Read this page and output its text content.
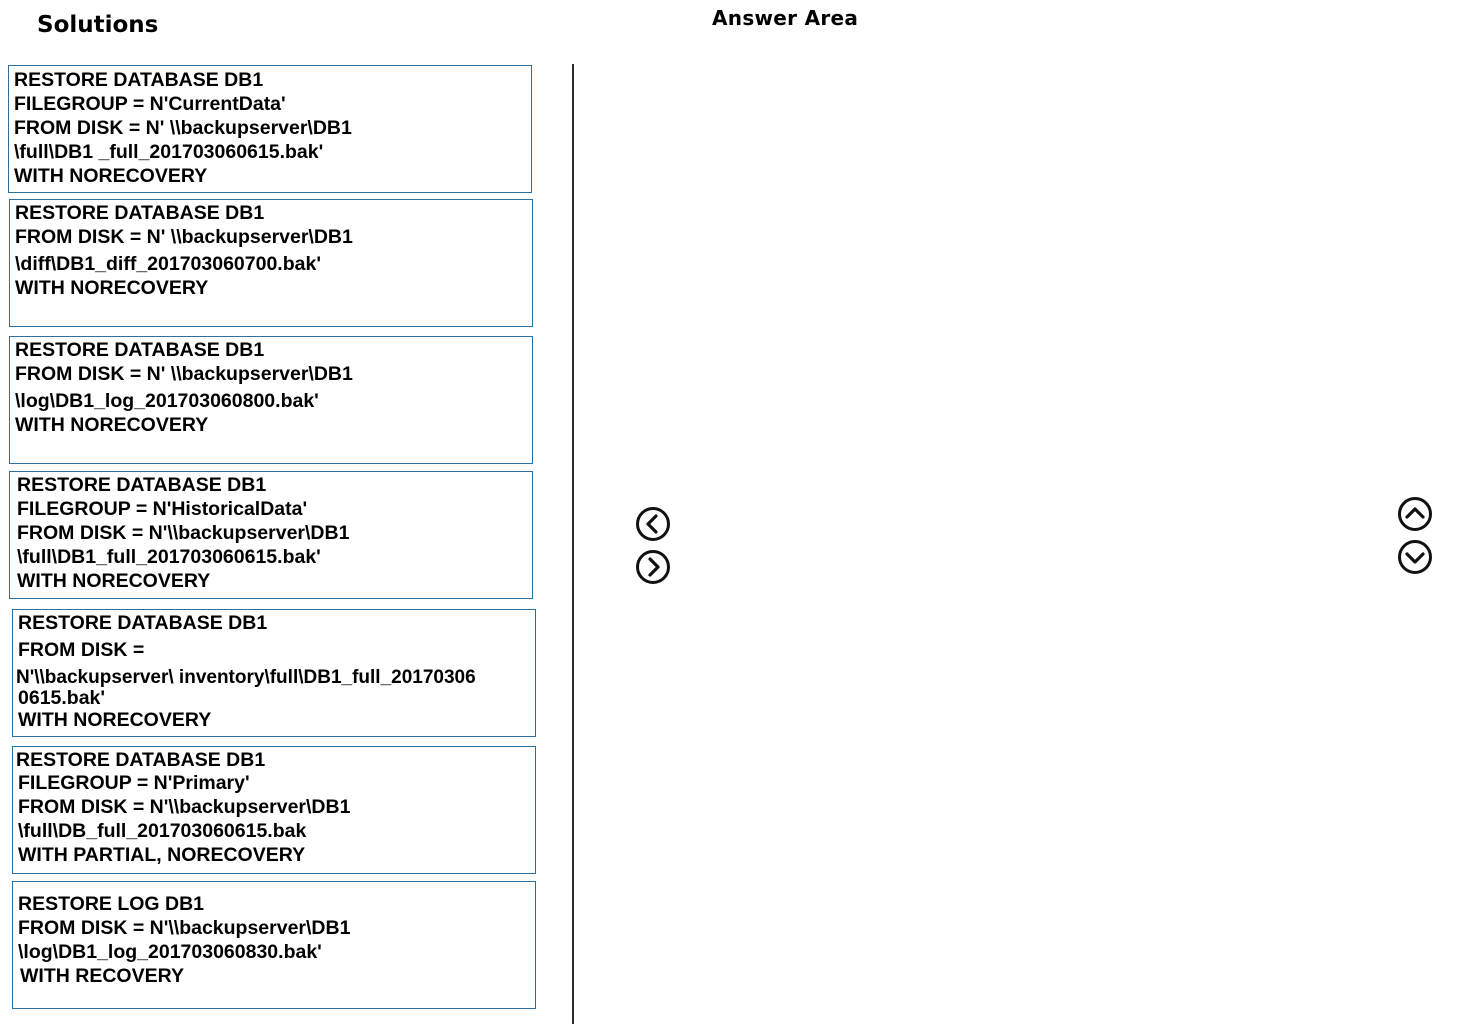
Solutions	Answer Area
RESTORE DATABASE DB1
FILEGROUP = N'CurrentData'
FROM DISK = N' \\backupserver\DB1
\full\DB1 _full_201703060615.bak'
WITH NORECOVERY
RESTORE DATABASE DB1
FROM DISK = N' \\backupserver\DB1
\diff\DB1_diff_201703060700.bak'
WITH NORECOVERY
RESTORE DATABASE DB1
FROM DISK = N' \\backupserver\DB1
\log\DB1_log_201703060800.bak'
WITH NORECOVERY
RESTORE DATABASE DB1
FILEGROUP = N'HistoricalData'
FROM DISK = N'\\backupserver\DB1
\full\DB1_full_201703060615.bak'
WITH NORECOVERY
RESTORE DATABASE DB1
FROM DISK =
N'\\backupserver\ inventory\full\DB1_full_20170306
0615.bak'
WITH NORECOVERY
RESTORE DATABASE DB1
FILEGROUP = N'Primary'
FROM DISK = N'\\backupserver\DB1
\full\DB_full_201703060615.bak
WITH PARTIAL, NORECOVERY
RESTORE LOG DB1
FROM DISK = N'\\backupserver\DB1
\log\DB1_log_201703060830.bak'
WITH RECOVERY
